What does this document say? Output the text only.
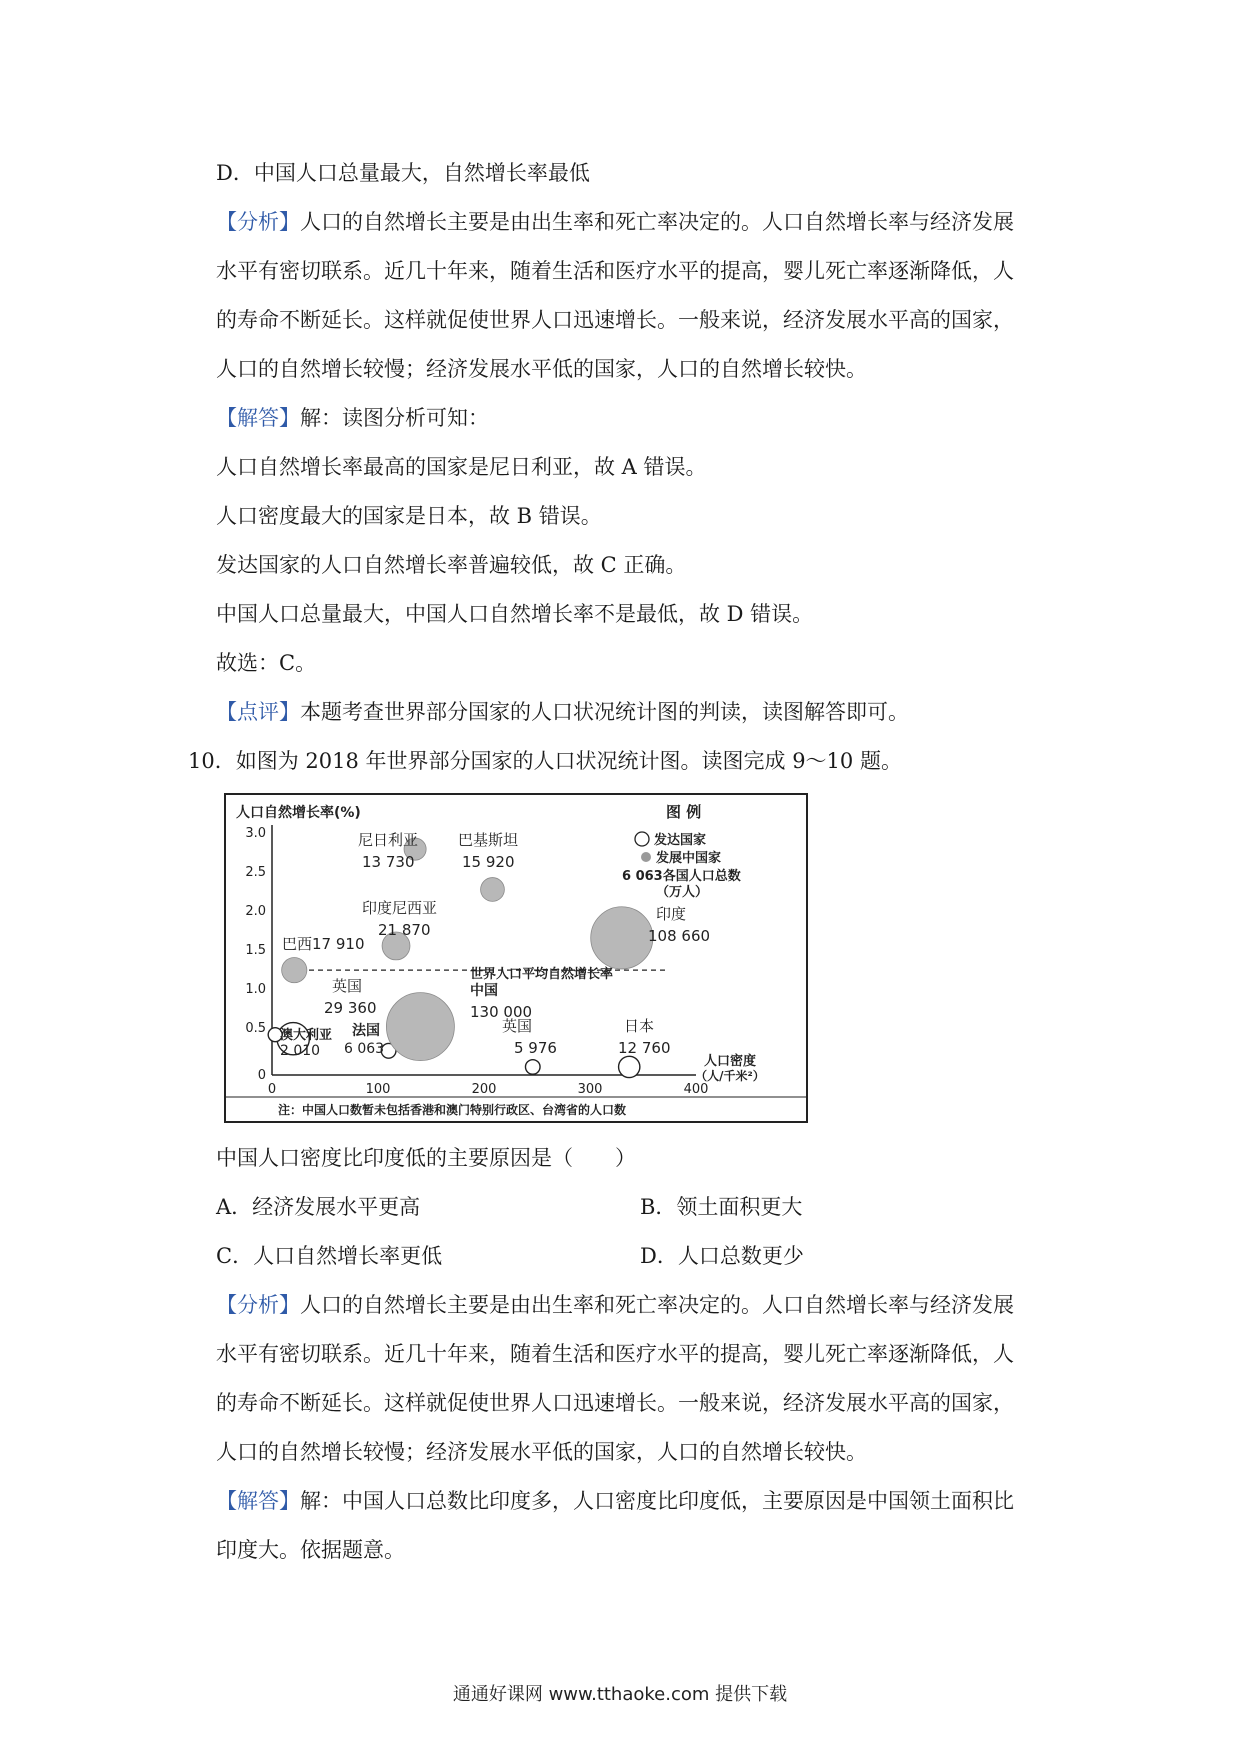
D．中国人口总量最大，自然增长率最低
【分析】人口的自然增长主要是由出生率和死亡率决定的。人口自然增长率与经济发展
水平有密切联系。近几十年来，随着生活和医疗水平的提高，婴儿死亡率逐渐降低，人
的寿命不断延长。这样就促使世界人口迅速增长。一般来说，经济发展水平高的国家，
人口的自然增长较慢；经济发展水平低的国家，人口的自然增长较快。
【解答】解：读图分析可知：
人口自然增长率最高的国家是尼日利亚，故 A 错误。
人口密度最大的国家是日本，故 B 错误。
发达国家的人口自然增长率普遍较低，故 C 正确。
中国人口总量最大，中国人口自然增长率不是最低，故 D 错误。
故选：C。
【点评】本题考查世界部分国家的人口状况统计图的判读，读图解答即可。
10．如图为 2018 年世界部分国家的人口状况统计图。读图完成 9～10 题。
人口自然增长率(%)
3.0
2.5
2.0
1.5
1.0
0.5
0
0	100	200	300	400
人口密度
（人/千米²）
世界人口平均自然增长率
尼日利亚
13 730
巴基斯坦
15 920
印度尼西亚
21 870
印度
108 660
巴西17 910
中国
130 000
英国
29 360
澳大利亚
2 010
法国
6 063
英国
5 976
日本
12 760
图 例
发达国家
发展中国家
6 063各国人口总数
（万人）
注：中国人口数暂未包括香港和澳门特别行政区、台湾省的人口数
中国人口密度比印度低的主要原因是（　　）
A．经济发展水平更高	B．领土面积更大
C．人口自然增长率更低	D．人口总数更少
【分析】人口的自然增长主要是由出生率和死亡率决定的。人口自然增长率与经济发展
水平有密切联系。近几十年来，随着生活和医疗水平的提高，婴儿死亡率逐渐降低，人
的寿命不断延长。这样就促使世界人口迅速增长。一般来说，经济发展水平高的国家，
人口的自然增长较慢；经济发展水平低的国家，人口的自然增长较快。
【解答】解：中国人口总数比印度多，人口密度比印度低，主要原因是中国领土面积比
印度大。依据题意。
通通好课网 www.tthaoke.com 提供下载
